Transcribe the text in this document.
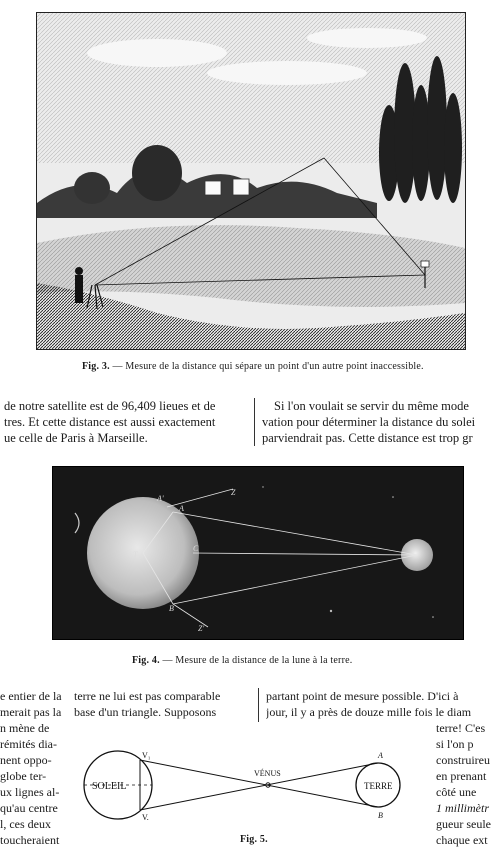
Fig. 3. — Mesure de la distance qui sépare un point d'un autre point inaccessible.
de notre satellite est de 96,409 lieues et de
tres. Et cette distance est aussi exactement
ue celle de Paris à Marseille.
Si l'on voulait se servir du même mode
vation pour déterminer la distance du solei
parviendrait pas. Cette distance est trop gr
A'
Z
A
T
C
B
Z'
Fig. 4. — Mesure de la distance de la lune à la terre.
e entier de la
merait pas la
n mène de
rémités dia-
nent oppo-
globe ter-
ux lignes al-
qu'au centre
l, ces deux
toucheraient
terre ne lui est pas comparable
base d'un triangle. Supposons
partant point de mesure possible. D'ici à
jour, il y a près de douze mille fois le diam
terre! C'es
si l'on p
construireu
en prenant
côté une
1 millimètr
gueur seule
chaque ext
SOLEIL
VÉNUS
TERRE
V₁
V.
A
B
Fig. 5.
